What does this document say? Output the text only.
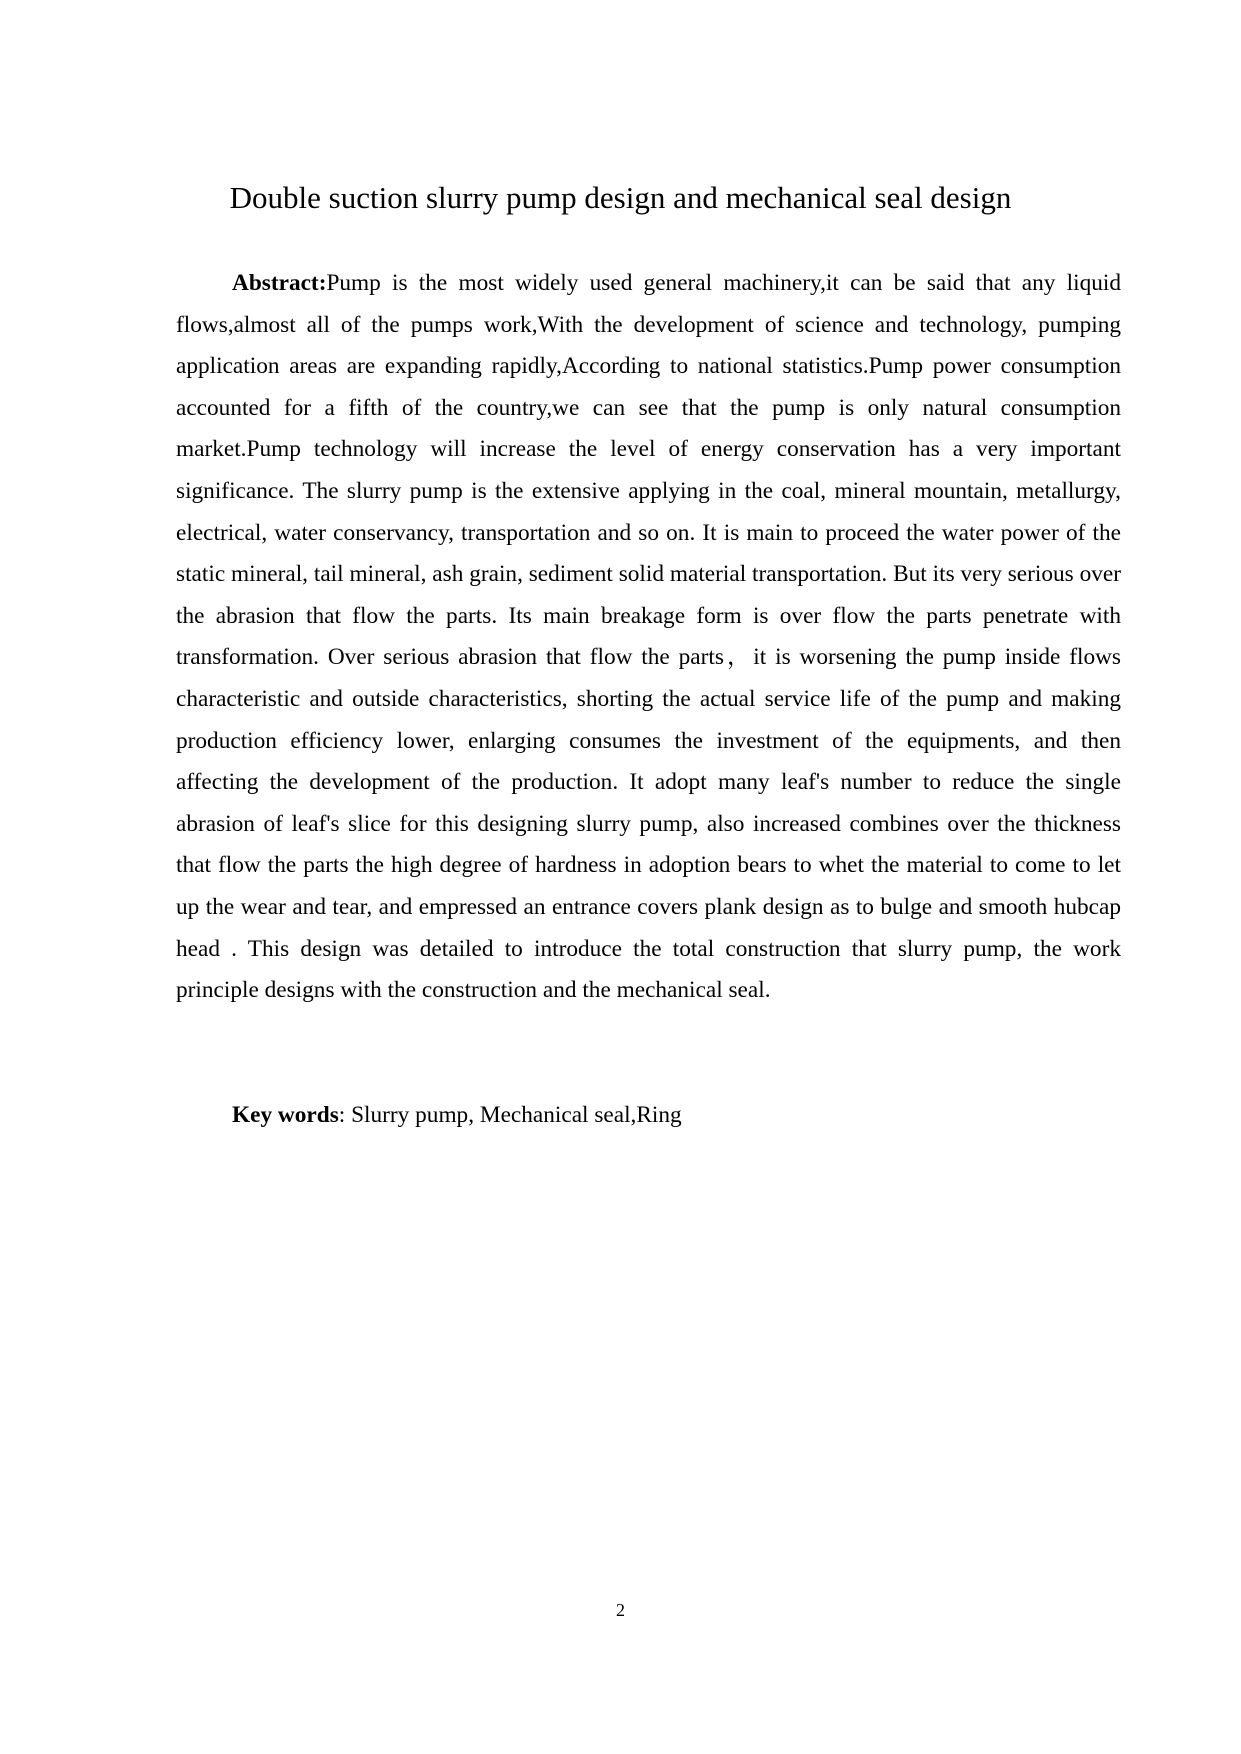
Double suction slurry pump design and mechanical seal design

Abstract:Pump is the most widely used general machinery,it can be said that any liquid flows,almost all of the pumps work,With the development of science and technology, pumping application areas are expanding rapidly,According to national statistics.Pump power consumption accounted for a fifth of the country,we can see that the pump is only natural consumption market.Pump technology will increase the level of energy conservation has a very important significance. The slurry pump is the extensive applying in the coal, mineral mountain, metallurgy, electrical, water conservancy, transportation and so on. It is main to proceed the water power of the static mineral, tail mineral, ash grain, sediment solid material transportation. But its very serious over the abrasion that flow the parts. Its main breakage form is over flow the parts penetrate with transformation. Over serious abrasion that flow the parts，it is worsening the pump inside flows characteristic and outside characteristics, shorting the actual service life of the pump and making production efficiency lower, enlarging consumes the investment of the equipments, and then affecting the development of the production. It adopt many leaf's number to reduce the single abrasion of leaf's slice for this designing slurry pump, also increased combines over the thickness that flow the parts the high degree of hardness in adoption bears to whet the material to come to let up the wear and tear, and empressed an entrance covers plank design as to bulge and smooth hubcap head . This design was detailed to introduce the total construction that slurry pump, the work principle designs with the construction and the mechanical seal.

Key words: Slurry pump, Mechanical seal,Ring

2
